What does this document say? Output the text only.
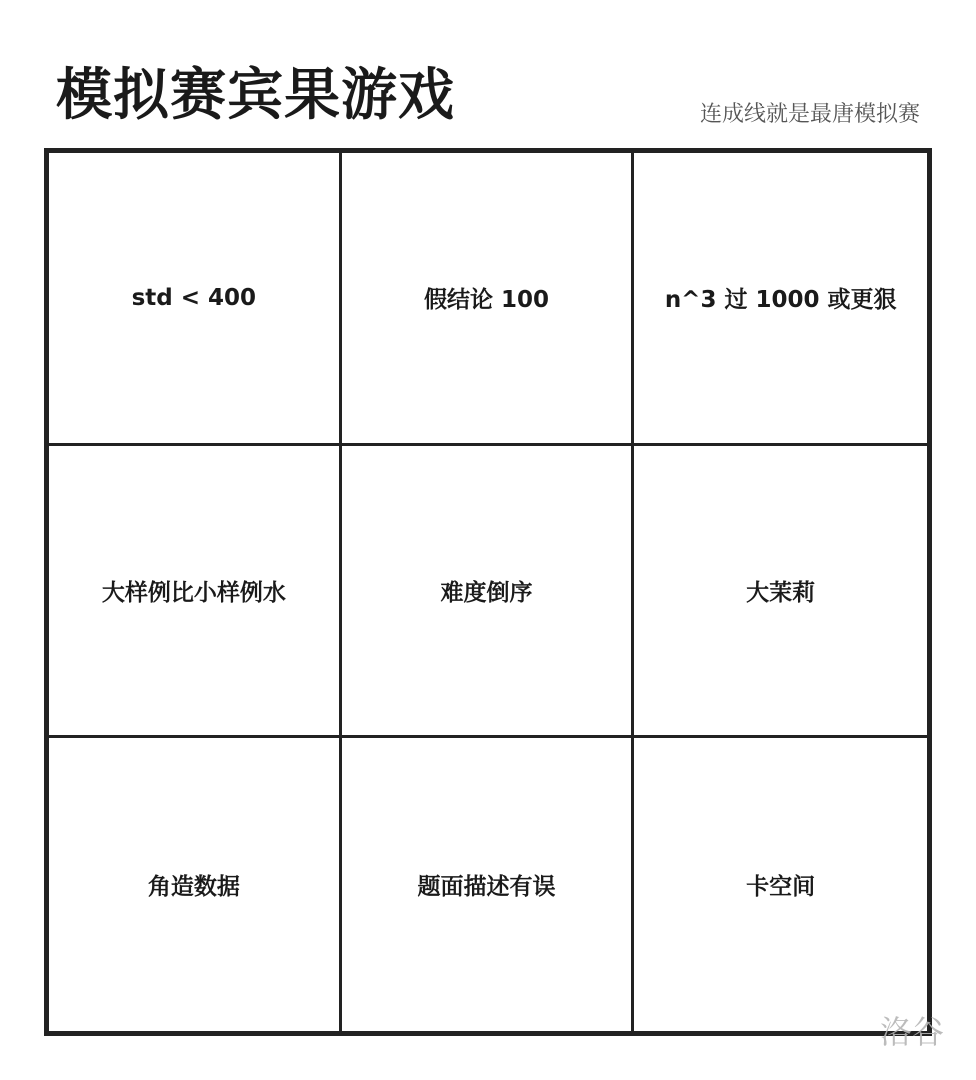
模拟赛宾果游戏	连成线就是最唐模拟赛
std < 400	假结论 100	n^3 过 1000 或更狠
大样例比小样例水	难度倒序	大茉莉
角造数据	题面描述有误	卡空间
洛谷
